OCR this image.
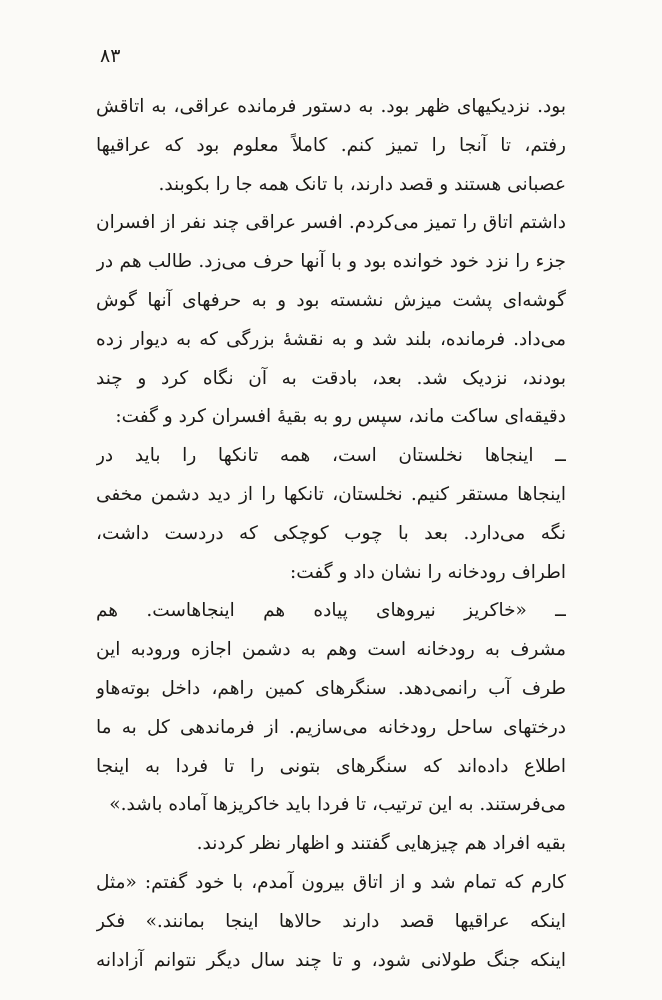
۸۳
بود. نزدیکیهای ظهر بود. به دستور فرمانده عراقی، به اتاقش
رفتم، تا آنجا را تمیز کنم. کاملاً معلوم بود که عراقیها
عصبانی هستند و قصد دارند، با تانک همه جا را بکوبند.
داشتم اتاق را تمیز می‌کردم. افسر عراقی چند نفر از افسران
جزء را نزد خود خوانده بود و با آنها حرف می‌زد. طالب هم در
گوشه‌ای پشت میزش نشسته بود و به حرفهای آنها گوش
می‌داد. فرمانده، بلند شد و به نقشهٔ بزرگی که به دیوار زده
بودند، نزدیک شد. بعد، بادقت به آن نگاه کرد و چند
دقیقه‌ای ساکت ماند، سپس رو به بقیهٔ افسران کرد و گفت:
ــ اینجاها نخلستان است، همه تانکها را باید در
اینجاها مستقر کنیم. نخلستان، تانکها را از دید دشمن مخفی
نگه می‌دارد. بعد با چوب کوچکی که دردست داشت،
اطراف رودخانه را نشان داد و گفت:
ــ «خاکریز نیروهای پیاده هم اینجاهاست. هم
مشرف به رودخانه است وهم به دشمن اجازه ورودبه این
طرف آب رانمی‌دهد. سنگرهای کمین راهم، داخل بوته‌هاو
درختهای ساحل رودخانه می‌سازیم. از فرماندهی کل به ما
اطلاع داده‌اند که سنگرهای بتونی را تا فردا به اینجا
می‌فرستند. به این ترتیب، تا فردا باید خاکریزها آماده باشد.»
بقیه افراد هم چیزهایی گفتند و اظهار نظر کردند.
کارم که تمام شد و از اتاق بیرون آمدم، با خود گفتم: «مثل
اینکه عراقیها قصد دارند حالاها اینجا بمانند.» فکر
اینکه جنگ طولانی شود، و تا چند سال دیگر نتوانم آزادانه
